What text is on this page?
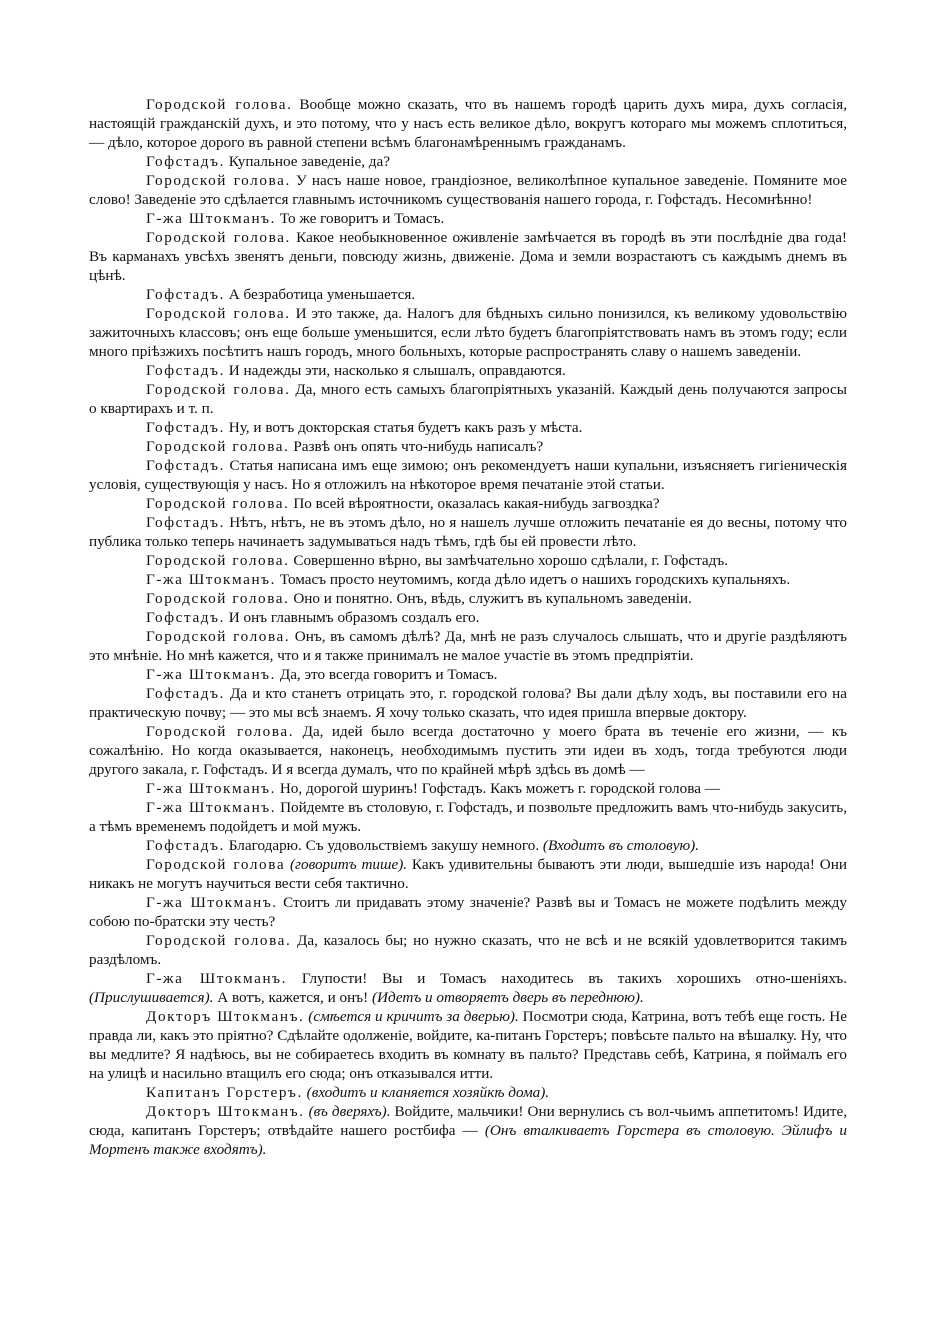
Городской голова. Вообще можно сказать, что въ нашемъ городѣ царить духъ мира, духъ согласія, настоящій гражданскій духъ, и это потому, что у насъ есть великое дѣло, вокругъ котораго мы можемъ сплотиться, — дѣло, которое дорого въ равной степени всѣмъ благонамѣреннымъ гражданамъ.

Гофстадъ. Купальное заведеніе, да?

Городской голова. У насъ наше новое, грандіозное, великолѣпное купальное заведеніе. Помяните мое слово! Заведеніе это сдѣлается главнымъ источникомъ существованія нашего города, г. Гофстадъ. Несомнѣнно!

Г-жа Штокманъ. То же говоритъ и Томасъ.

Городской голова. Какое необыкновенное оживленіе замѣчается въ городѣ въ эти послѣдніе два года! Въ карманахъ увсѣхъ звенятъ деньги, повсюду жизнь, движеніе. Дома и земли возрастаютъ съ каждымъ днемъ въ цѣнѣ.

Гофстадъ. А безработица уменьшается.

Городской голова. И это также, да. Налогъ для бѣдныхъ сильно понизился, къ великому удовольствію зажиточныхъ классовъ; онъ еще больше уменьшится, если лѣто будетъ благопріятствовать намъ въ этомъ году; если много пріѣзжихъ посѣтитъ нашъ городъ, много больныхъ, которые распространять славу о нашемъ заведеніи.

Гофстадъ. И надежды эти, насколько я слышалъ, оправдаются.

Городской голова. Да, много есть самыхъ благопріятныхъ указаній. Каждый день получаются запросы о квартирахъ и т. п.

Гофстадъ. Ну, и вотъ докторская статья будетъ какъ разъ у мѣста.

Городской голова. Развѣ онъ опять что-нибудь написалъ?

Гофстадъ. Статья написана имъ еще зимою; онъ рекомендуетъ наши купальни, изъясняетъ гигіеническія условія, существующія у насъ. Но я отложилъ на нѣкоторое время печатаніе этой статьи.

Городской голова. По всей вѣроятности, оказалась какая-нибудь загвоздка?

Гофстадъ. Нѣтъ, нѣтъ, не въ этомъ дѣло, но я нашелъ лучше отложить печатаніе ея до весны, потому что публика только теперь начинаетъ задумываться надъ тѣмъ, гдѣ бы ей провести лѣто.

Городской голова. Совершенно вѣрно, вы замѣчательно хорошо сдѣлали, г. Гофстадъ.

Г-жа Штокманъ. Томасъ просто неутомимъ, когда дѣло идетъ о нашихъ городскихъ купальняхъ.

Городской голова. Оно и понятно. Онъ, вѣдь, служитъ въ купальномъ заведеніи.

Гофстадъ. И онъ главнымъ образомъ создалъ его.

Городской голова. Онъ, въ самомъ дѣлѣ? Да, мнѣ не разъ случалось слышать, что и другіе раздѣляютъ это мнѣніе. Но мнѣ кажется, что и я также принималъ не малое участіе въ этомъ предпріятіи.

Г-жа Штокманъ. Да, это всегда говоритъ и Томасъ.

Гофстадъ. Да и кто станетъ отрицать это, г. городской голова? Вы дали дѣлу ходъ, вы поставили его на практическую почву; — это мы всѣ знаемъ. Я хочу только сказать, что идея пришла впервые доктору.

Городской голова. Да, идей было всегда достаточно у моего брата въ теченіе его жизни, — къ сожалѣнію. Но когда оказывается, наконецъ, необходимымъ пустить эти идеи въ ходъ, тогда требуются люди другого закала, г. Гофстадъ. И я всегда думалъ, что по крайней мѣрѣ здѣсь въ домѣ —

Г-жа Штокманъ. Но, дорогой шуринъ! Гофстадъ. Какъ можетъ г. городской голова —

Г-жа Штокманъ. Пойдемте въ столовую, г. Гофстадъ, и позвольте предложить вамъ что-нибудь закусить, а тѣмъ временемъ подойдетъ и мой мужъ.

Гофстадъ. Благодарю. Съ удовольствіемъ закушу немного. (Входитъ въ столовую).

Городской голова (говоритъ тише). Какъ удивительны бываютъ эти люди, вышедшіе изъ народа! Они никакъ не могутъ научиться вести себя тактично.

Г-жа Штокманъ. Стоитъ ли придавать этому значеніе? Развѣ вы и Томасъ не можете подѣлить между собою по-братски эту честь?

Городской голова. Да, казалось бы; но нужно сказать, что не всѣ и не всякій удовлетворится такимъ раздѣломъ.

Г-жа Штокманъ. Глупости! Вы и Томасъ находитесь въ такихъ хорошихъ отно-шеніяхъ. (Прислушивается). А вотъ, кажется, и онъ! (Идетъ и отворяетъ дверь въ переднюю).

Докторъ Штокманъ. (смѣется и кричитъ за дверью). Посмотри сюда, Катрина, вотъ тебѣ еще гость. Не правда ли, какъ это пріятно? Сдѣлайте одолженіе, войдите, ка-питанъ Горстеръ; повѣсьте пальто на вѣшалку. Ну, что вы медлите? Я надѣюсь, вы не собираетесь входить въ комнату въ пальто? Представь себѣ, Катрина, я поймалъ его на улицѣ и насильно втащилъ его сюда; онъ отказывался итти.

Капитанъ Горстеръ. (входитъ и кланяется хозяйкѣ дома).

Докторъ Штокманъ. (въ дверяхъ). Войдите, мальчики! Они вернулись съ вол-чьимъ аппетитомъ! Идите, сюда, капитанъ Горстеръ; отвѣдайте нашего ростбифа — (Онъ вталкиваетъ Горстера въ столовую. Эйлифъ и Мортенъ также входятъ).
